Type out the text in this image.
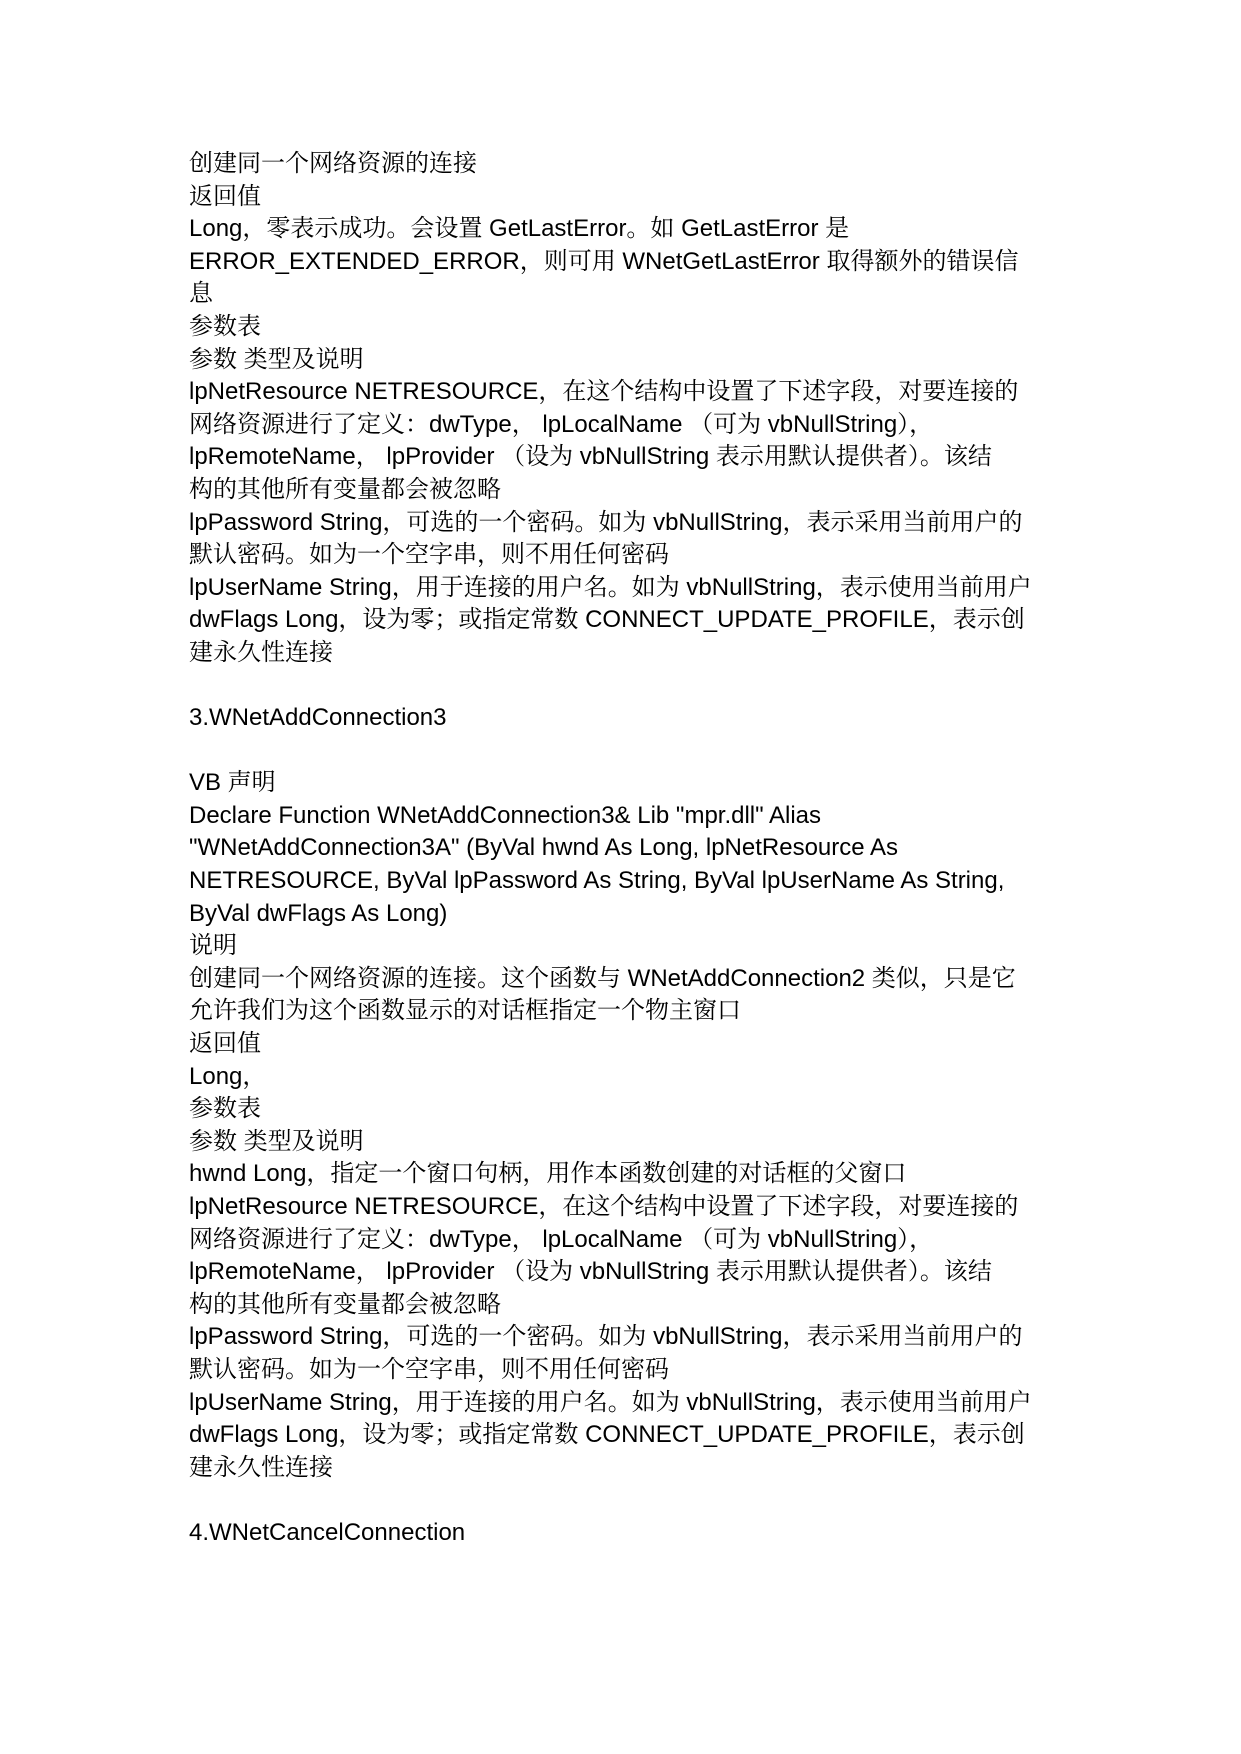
创建同一个网络资源的连接

返回值

Long，零表示成功。会设置 GetLastError。如 GetLastError 是

ERROR_EXTENDED_ERROR，则可用 WNetGetLastError 取得额外的错误信

息

参数表

参数 类型及说明

lpNetResource NETRESOURCE，在这个结构中设置了下述字段，对要连接的

网络资源进行了定义：dwType， lpLocalName （可为 vbNullString），

lpRemoteName， lpProvider （设为 vbNullString 表示用默认提供者）。该结

构的其他所有变量都会被忽略

lpPassword String，可选的一个密码。如为 vbNullString，表示采用当前用户的

默认密码。如为一个空字串，则不用任何密码

lpUserName String，用于连接的用户名。如为 vbNullString，表示使用当前用户

dwFlags Long，设为零；或指定常数 CONNECT_UPDATE_PROFILE，表示创

建永久性连接

3.WNetAddConnection3

VB 声明

Declare Function WNetAddConnection3& Lib "mpr.dll" Alias

"WNetAddConnection3A" (ByVal hwnd As Long, lpNetResource As

NETRESOURCE, ByVal lpPassword As String, ByVal lpUserName As String,

ByVal dwFlags As Long)

说明

创建同一个网络资源的连接。这个函数与 WNetAddConnection2 类似，只是它

允许我们为这个函数显示的对话框指定一个物主窗口

返回值

Long，

参数表

参数 类型及说明

hwnd Long，指定一个窗口句柄，用作本函数创建的对话框的父窗口

lpNetResource NETRESOURCE，在这个结构中设置了下述字段，对要连接的

网络资源进行了定义：dwType， lpLocalName （可为 vbNullString），

lpRemoteName， lpProvider （设为 vbNullString 表示用默认提供者）。该结

构的其他所有变量都会被忽略

lpPassword String，可选的一个密码。如为 vbNullString，表示采用当前用户的

默认密码。如为一个空字串，则不用任何密码

lpUserName String，用于连接的用户名。如为 vbNullString，表示使用当前用户

dwFlags Long，设为零；或指定常数 CONNECT_UPDATE_PROFILE，表示创

建永久性连接

4.WNetCancelConnection
